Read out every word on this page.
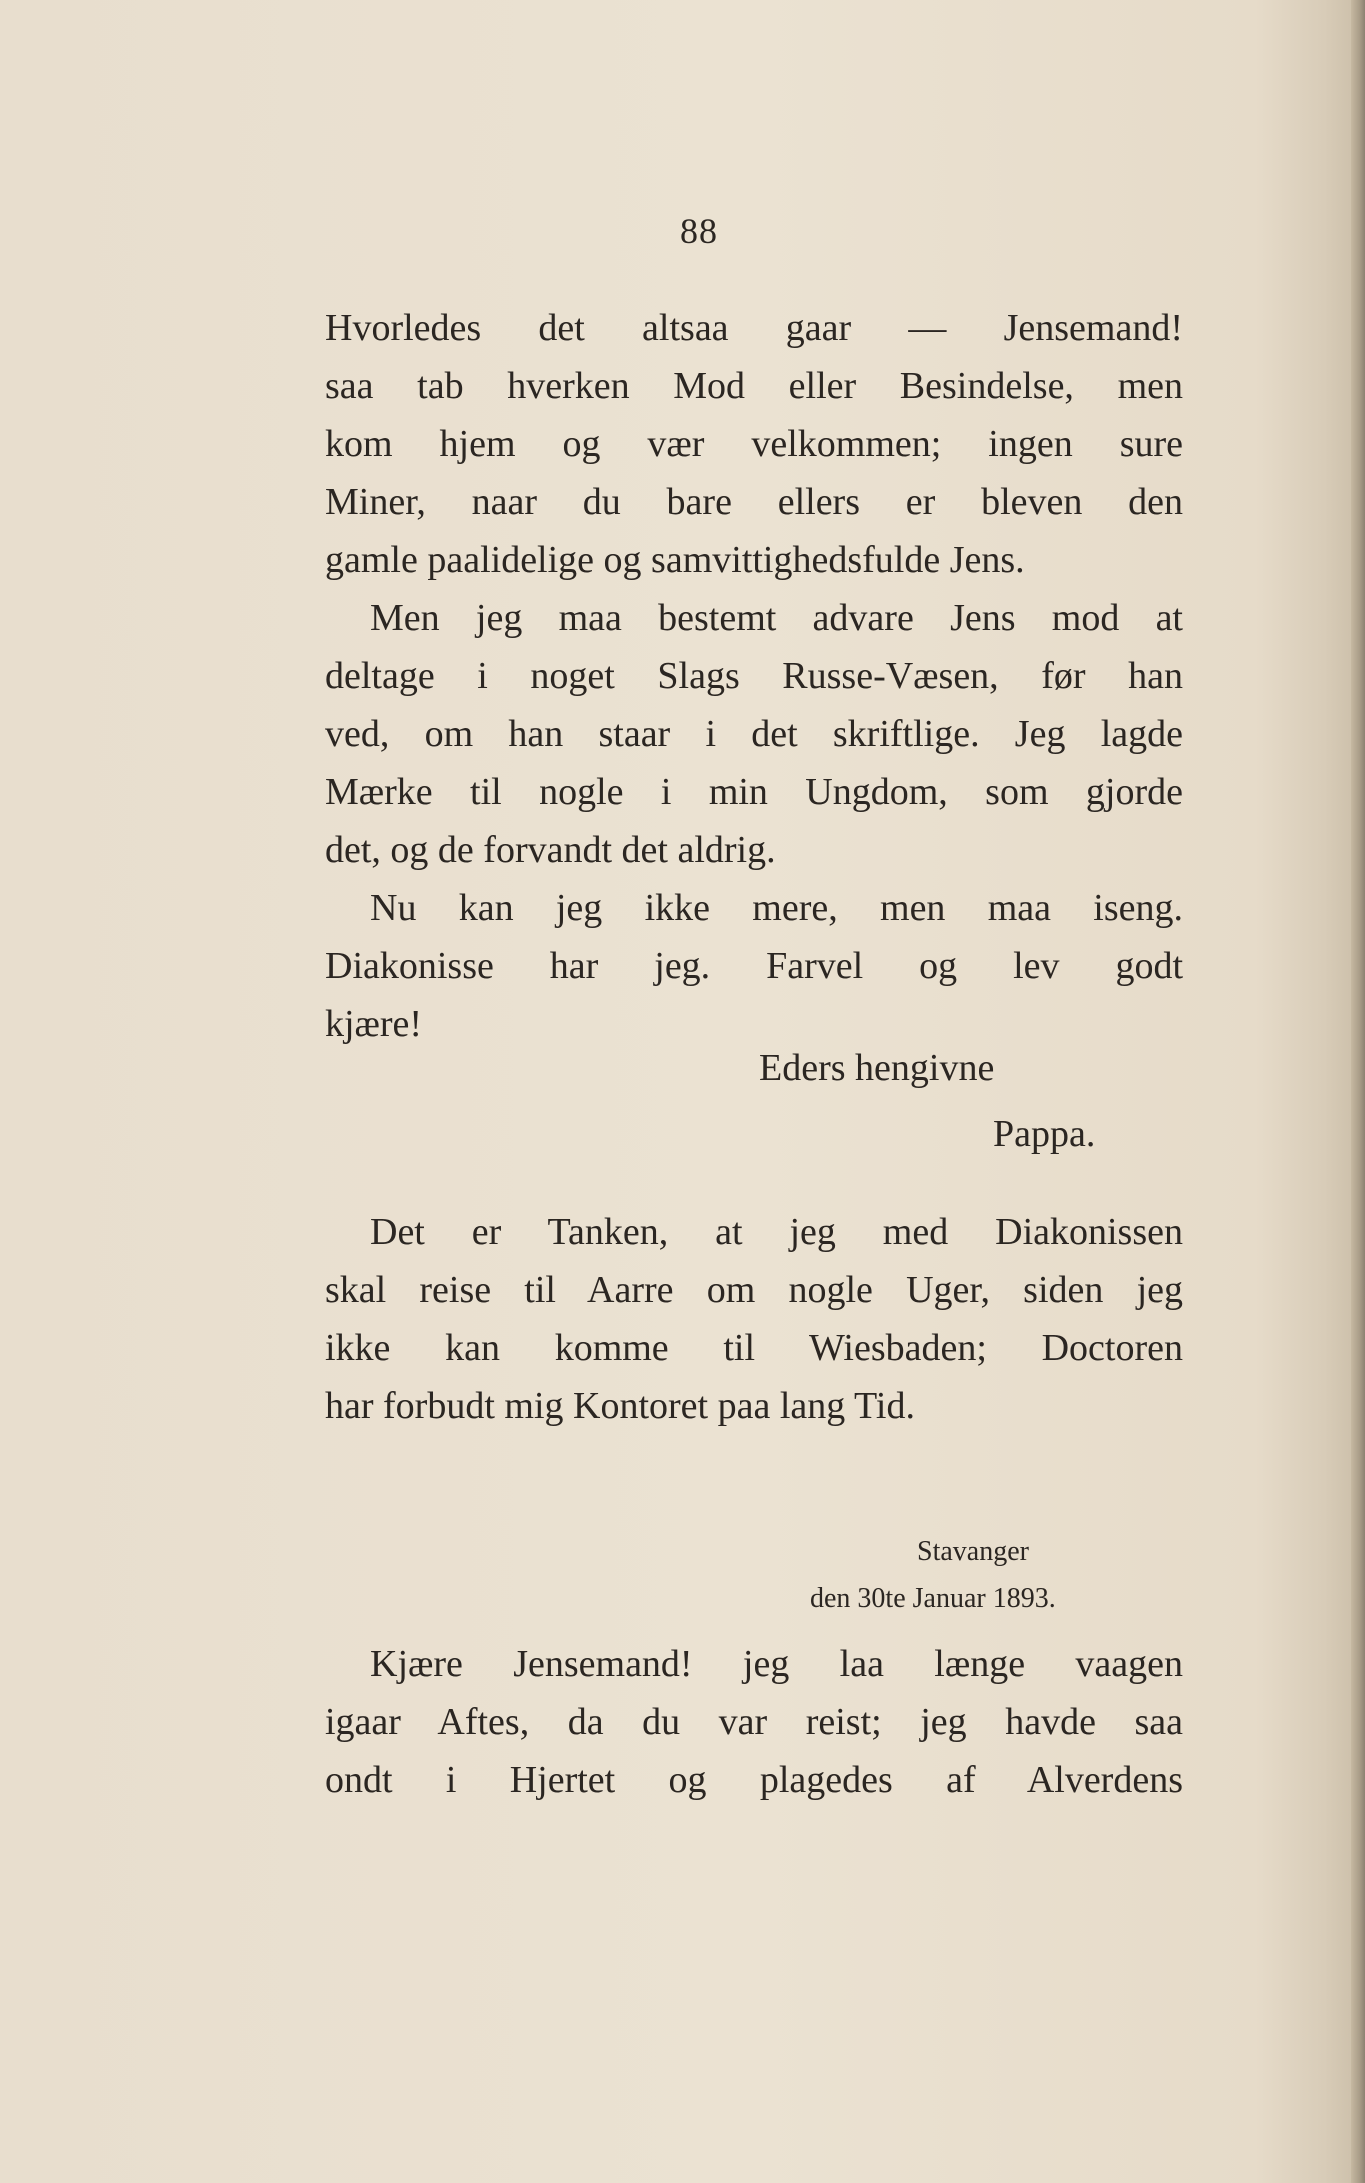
88
Hvorledes det altsaa gaar — Jensemand!
saa tab hverken Mod eller Besindelse, men
kom hjem og vær velkommen; ingen sure
Miner, naar du bare ellers er bleven den
gamle paalidelige og samvittighedsfulde Jens.
Men jeg maa bestemt advare Jens mod at
deltage i noget Slags Russe-Væsen, før han
ved, om han staar i det skriftlige. Jeg lagde
Mærke til nogle i min Ungdom, som gjorde
det, og de forvandt det aldrig.
Nu kan jeg ikke mere, men maa iseng.
Diakonisse har jeg. Farvel og lev godt
kjære!
Eders hengivne
Pappa.
Det er Tanken, at jeg med Diakonissen
skal reise til Aarre om nogle Uger, siden jeg
ikke kan komme til Wiesbaden; Doctoren
har forbudt mig Kontoret paa lang Tid.
Stavanger
den 30te Januar 1893.
Kjære Jensemand! jeg laa længe vaagen
igaar Aftes, da du var reist; jeg havde saa
ondt i Hjertet og plagedes af Alverdens
